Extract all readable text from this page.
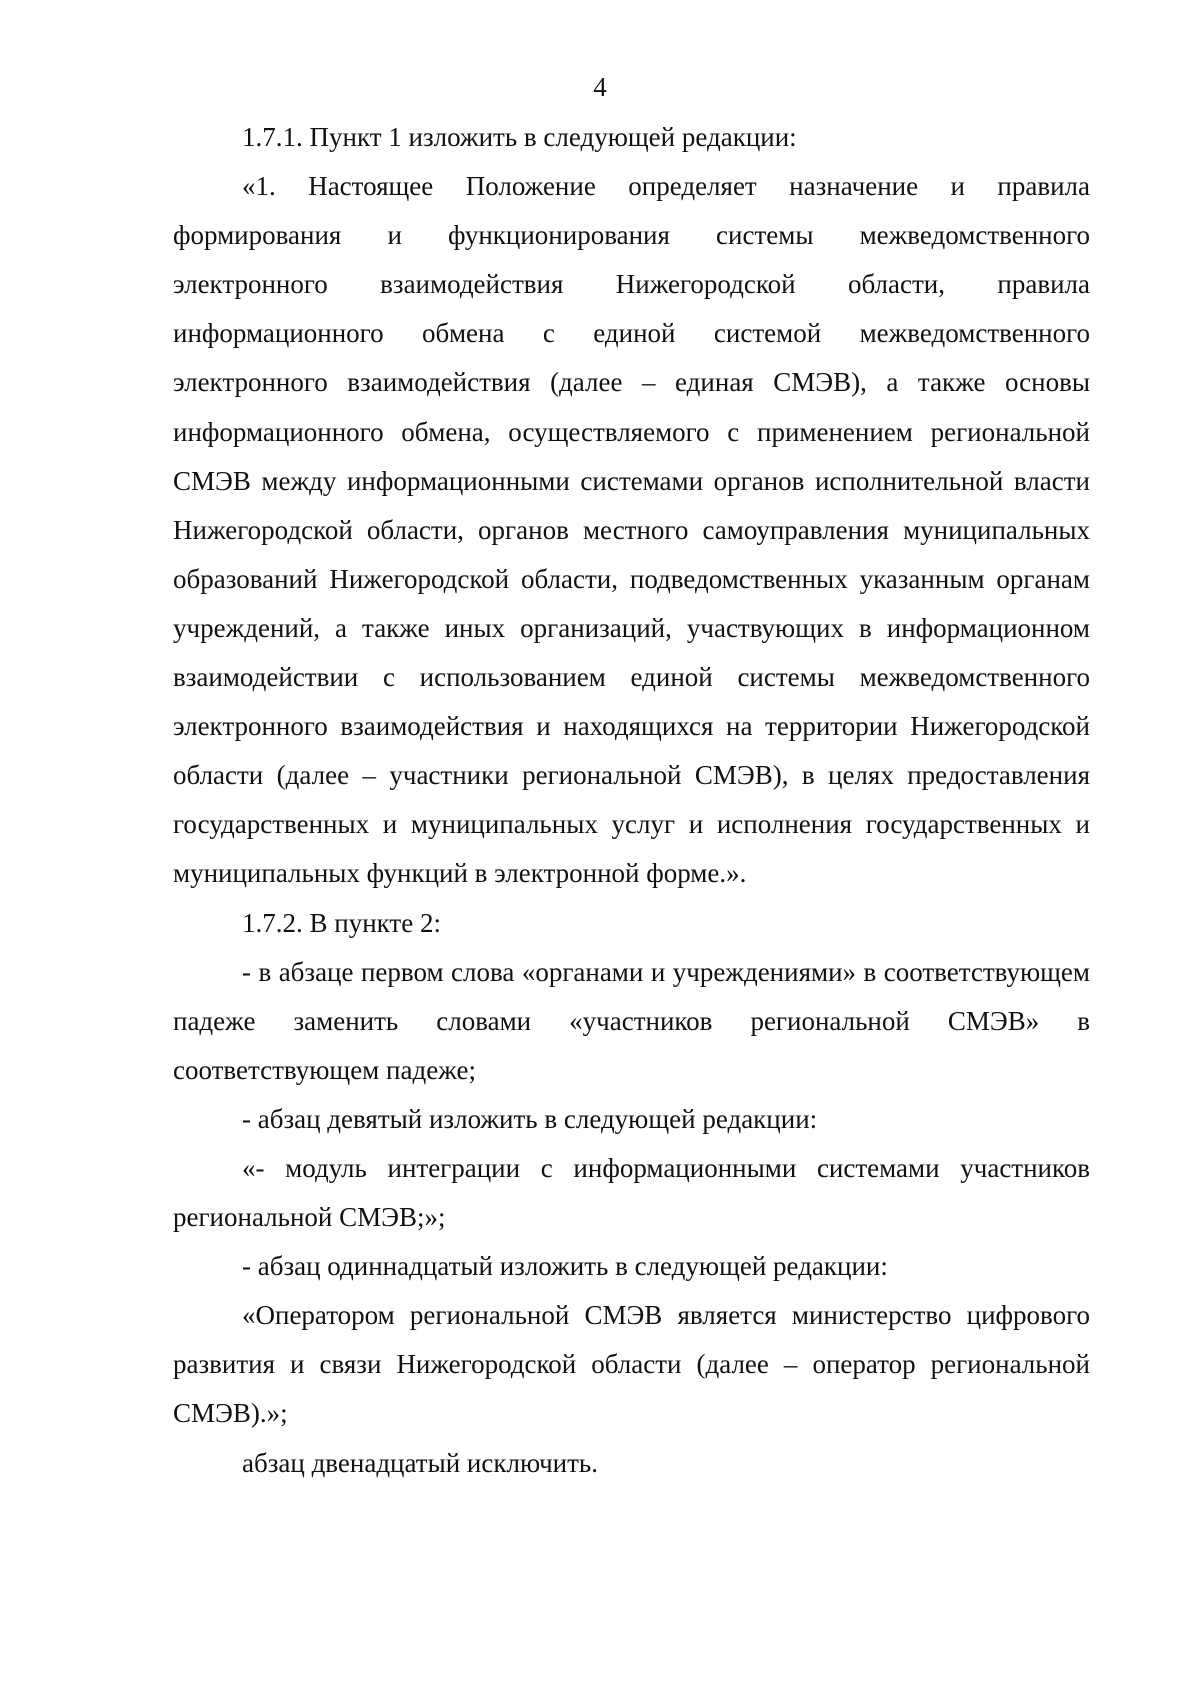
4

1.7.1. Пункт 1 изложить в следующей редакции:

«1. Настоящее Положение определяет назначение и правила формирования и функционирования системы межведомственного электронного взаимодействия Нижегородской области, правила информационного обмена с единой системой межведомственного электронного взаимодействия (далее – единая СМЭВ), а также основы информационного обмена, осуществляемого с применением региональной СМЭВ между информационными системами органов исполнительной власти Нижегородской области, органов местного самоуправления муниципальных образований Нижегородской области, подведомственных указанным органам учреждений, а также иных организаций, участвующих в информационном взаимодействии с использованием единой системы межведомственного электронного взаимодействия и находящихся на территории Нижегородской области (далее – участники региональной СМЭВ), в целях предоставления государственных и муниципальных услуг и исполнения государственных и муниципальных функций в электронной форме.».

1.7.2. В пункте 2:

- в абзаце первом слова «органами и учреждениями» в соответствующем падеже заменить словами «участников региональной СМЭВ» в соответствующем падеже;

- абзац девятый изложить в следующей редакции:

«- модуль интеграции с информационными системами участников региональной СМЭВ;»;

- абзац одиннадцатый изложить в следующей редакции:

«Оператором региональной СМЭВ является министерство цифрового развития и связи Нижегородской области (далее – оператор региональной СМЭВ).»;

абзац двенадцатый исключить.
